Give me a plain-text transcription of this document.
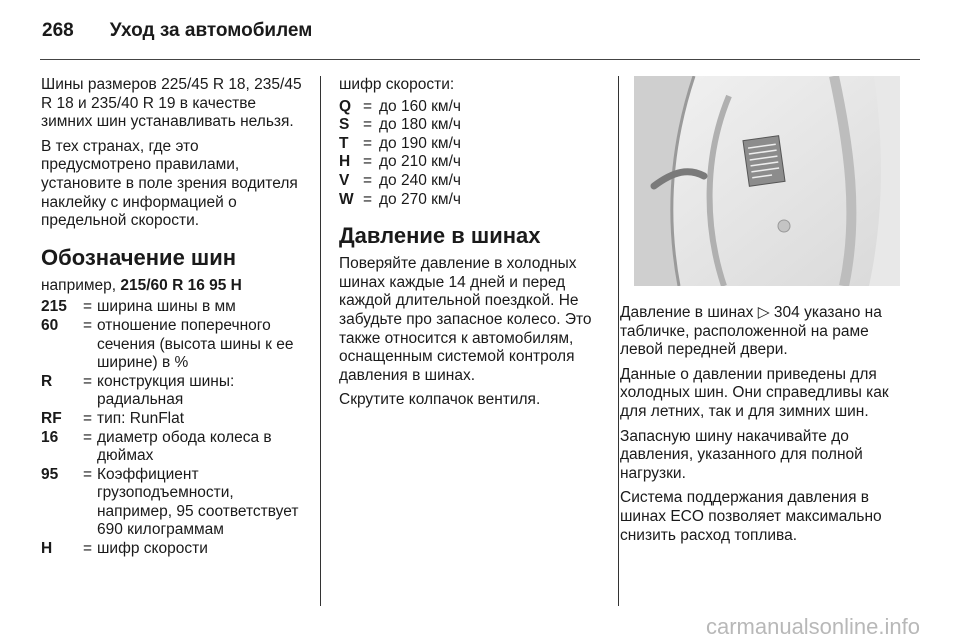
268 Уход за автомобилем

Шины размеров 225/45 R 18, 235/45 R 18 и 235/40 R 19 в качестве зимних шин устанавливать нельзя.

В тех странах, где это предусмотрено правилами, установите в поле зрения водителя наклейку с информацией о предельной скорости.

Обозначение шин
например, 215/60 R 16 95 H
215	= ширина шины в мм
60	= отношение поперечного сечения (высота шины к ее ширине) в %
R	= конструкция шины: радиальная
RF	= тип: RunFlat
16	= диаметр обода колеса в дюймах
95	= Коэффициент грузоподъемности, например, 95 соответствует 690 килограммам
H	= шифр скорости

шифр скорости:

Q = до 160 км/ч
S = до 180 км/ч
T = до 190 км/ч
H = до 210 км/ч
V = до 240 км/ч
W = до 270 км/ч
Давление в шинах

Поверяйте давление в холодных шинах каждые 14 дней и перед каждой длительной поездкой. Не забудьте про запасное колесо. Это также относится к автомобилям, оснащенным системой контроля давления в шинах.

Скрутите колпачок вентиля.

Давление в шинах ▷ 304 указано на табличке, расположенной на раме левой передней двери.

Данные о давлении приведены для холодных шин. Они справедливы как для летних, так и для зимних шин.

Запасную шину накачивайте до давления, указанного для полной нагрузки.

Система поддержания давления в шинах ECO позволяет максимально снизить расход топлива.

carmanualsonline.info
